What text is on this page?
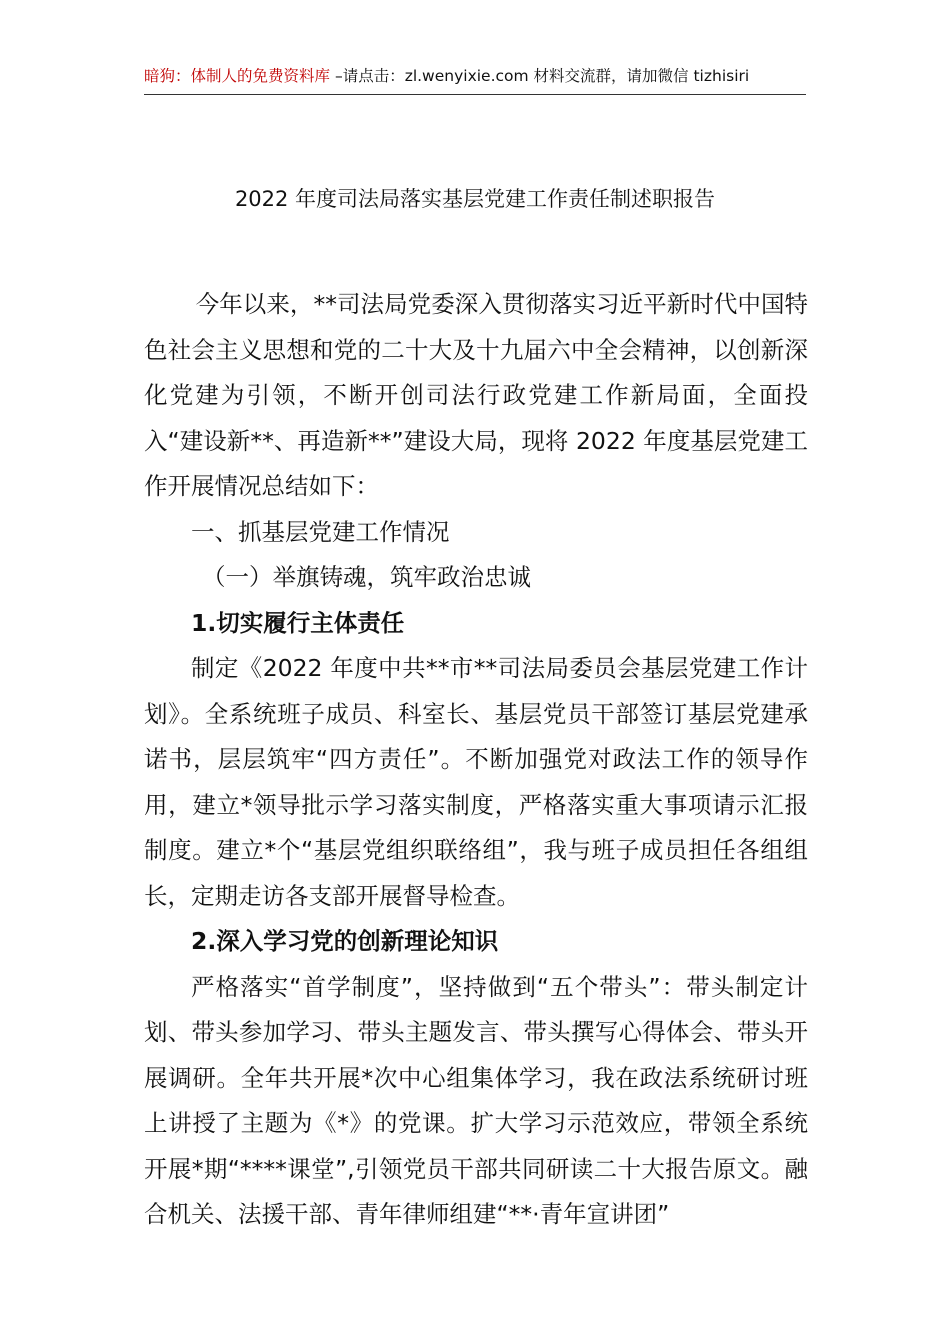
暗狗：体制人的免费资料库 –请点击：zl.wenyixie.com 材料交流群，请加微信 tizhisiri
2022 年度司法局落实基层党建工作责任制述职报告

今年以来，**司法局党委深入贯彻落实习近平新时代中国特色社会主义思想和党的二十大及十九届六中全会精神，以创新深化党建为引领，不断开创司法行政党建工作新局面，全面投入“建设新**、再造新**”建设大局，现将 2022 年度基层党建工作开展情况总结如下：

一、抓基层党建工作情况

（一）举旗铸魂，筑牢政治忠诚

1.切实履行主体责任

制定《2022 年度中共**市**司法局委员会基层党建工作计划》。全系统班子成员、科室长、基层党员干部签订基层党建承诺书，层层筑牢“四方责任”。不断加强党对政法工作的领导作用，建立*领导批示学习落实制度，严格落实重大事项请示汇报制度。建立*个“基层党组织联络组”，我与班子成员担任各组组长，定期走访各支部开展督导检查。

2.深入学习党的创新理论知识

严格落实“首学制度”，坚持做到“五个带头”：带头制定计划、带头参加学习、带头主题发言、带头撰写心得体会、带头开展调研。全年共开展*次中心组集体学习，我在政法系统研讨班上讲授了主题为《*》的党课。扩大学习示范效应，带领全系统开展*期“****课堂”,引领党员干部共同研读二十大报告原文。融合机关、法援干部、青年律师组建“**·青年宣讲团”
